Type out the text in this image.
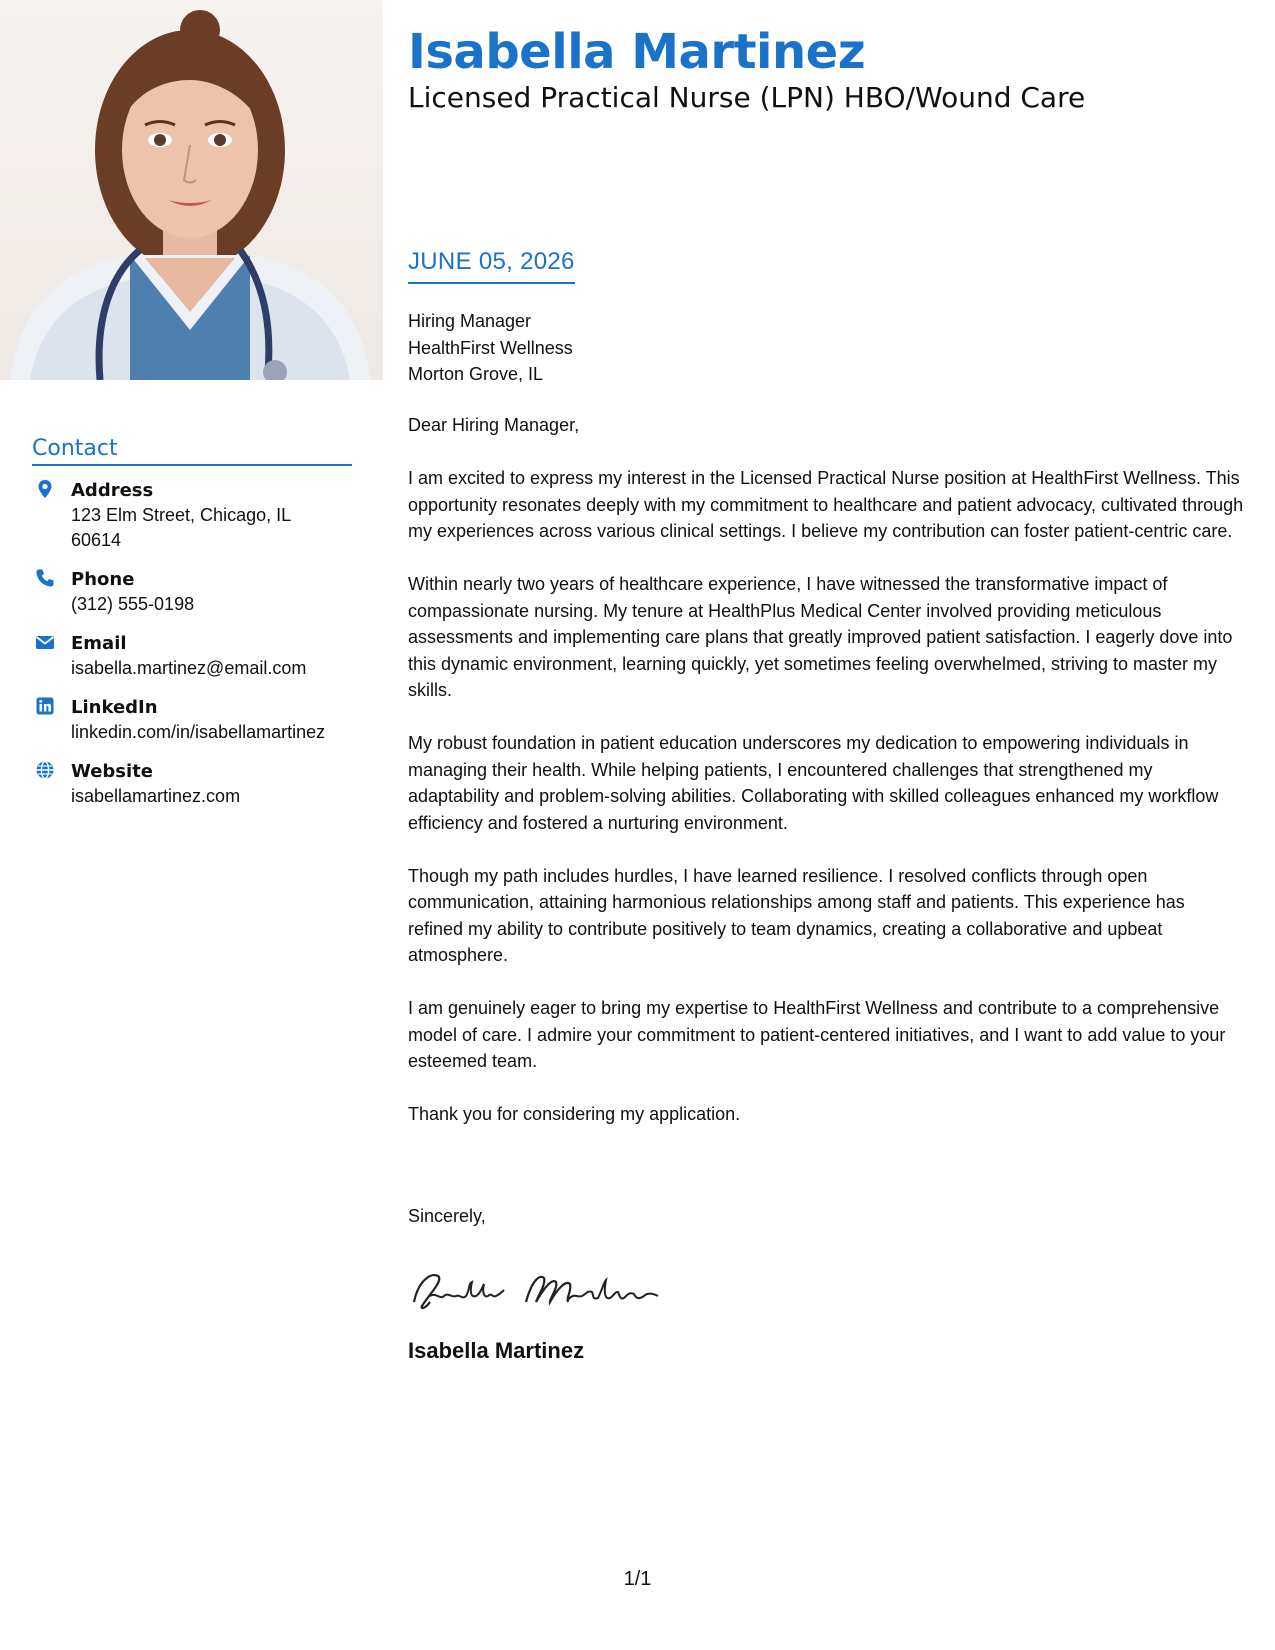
Contact
Address
123 Elm Street, Chicago, IL 60614
Phone
(312) 555-0198
Email
isabella.martinez@email.com
LinkedIn
linkedin.com/in/isabellamartinez
Website
isabellamartinez.com
Isabella Martinez
Licensed Practical Nurse (LPN) HBO/Wound Care
JUNE 05, 2026
Hiring Manager
HealthFirst Wellness
Morton Grove, IL

Dear Hiring Manager,

I am excited to express my interest in the Licensed Practical Nurse position at HealthFirst Wellness. This opportunity resonates deeply with my commitment to healthcare and patient advocacy, cultivated through my experiences across various clinical settings. I believe my contribution can foster patient-centric care.

Within nearly two years of healthcare experience, I have witnessed the transformative impact of compassionate nursing. My tenure at HealthPlus Medical Center involved providing meticulous assessments and implementing care plans that greatly improved patient satisfaction. I eagerly dove into this dynamic environment, learning quickly, yet sometimes feeling overwhelmed, striving to master my skills.

My robust foundation in patient education underscores my dedication to empowering individuals in managing their health. While helping patients, I encountered challenges that strengthened my adaptability and problem-solving abilities. Collaborating with skilled colleagues enhanced my workflow efficiency and fostered a nurturing environment.

Though my path includes hurdles, I have learned resilience. I resolved conflicts through open communication, attaining harmonious relationships among staff and patients. This experience has refined my ability to contribute positively to team dynamics, creating a collaborative and upbeat atmosphere.

I am genuinely eager to bring my expertise to HealthFirst Wellness and contribute to a comprehensive model of care. I admire your commitment to patient-centered initiatives, and I want to add value to your esteemed team.

Thank you for considering my application.

Sincerely,
Isabella Martinez
1/1
